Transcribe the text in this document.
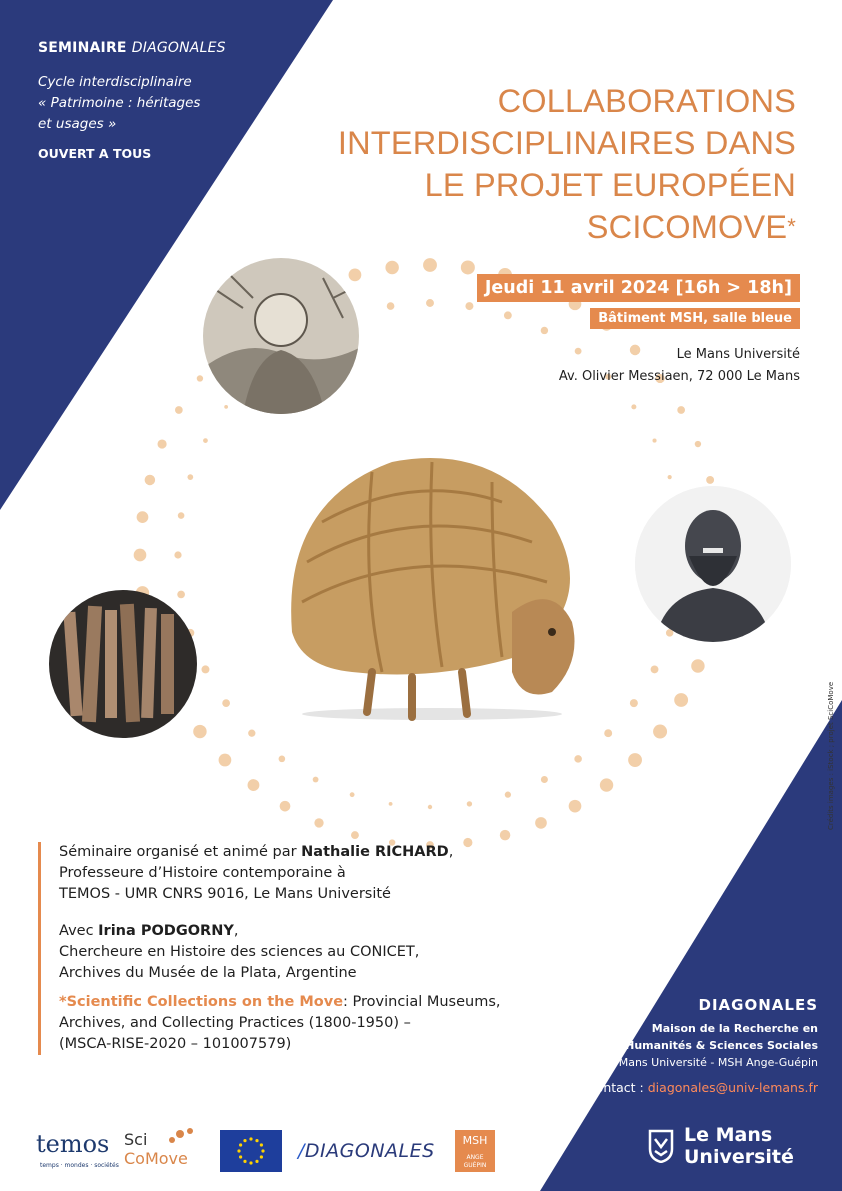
SEMINAIRE DIAGONALES
Cycle interdisciplinaire
« Patrimoine : héritages
et usages »
OUVERT A TOUS
COLLABORATIONS
INTERDISCIPLINAIRES DANS
LE PROJET EUROPÉEN
SCICOMOVE*
Jeudi 11 avril 2024 [16h > 18h]
Bâtiment MSH, salle bleue
Le Mans Université
Av. Olivier Messiaen, 72 000 Le Mans
Crédits images : iStock ; projet SciCoMove

Séminaire organisé et animé par Nathalie RICHARD,
Professeure d’Histoire contemporaine à
TEMOS - UMR CNRS 9016, Le Mans Université

Avec Irina PODGORNY,
Chercheure en Histoire des sciences au CONICET,
Archives du Musée de la Plata, Argentine

*Scientific Collections on the Move: Provincial Museums,
Archives, and Collecting Practices (1800-1950) –
(MSCA-RISE-2020 – 101007579)

DIAGONALES
Maison de la Recherche en
Humanités & Sciences Sociales
Le Mans Université - MSH Ange-Guépin
Contact : diagonales@univ-lemans.fr
Le Mans
Université
temos
temps · mondes · sociétés
Sci
CoMove	/DIAGONALES	MSH
ANGE GUÉPIN
